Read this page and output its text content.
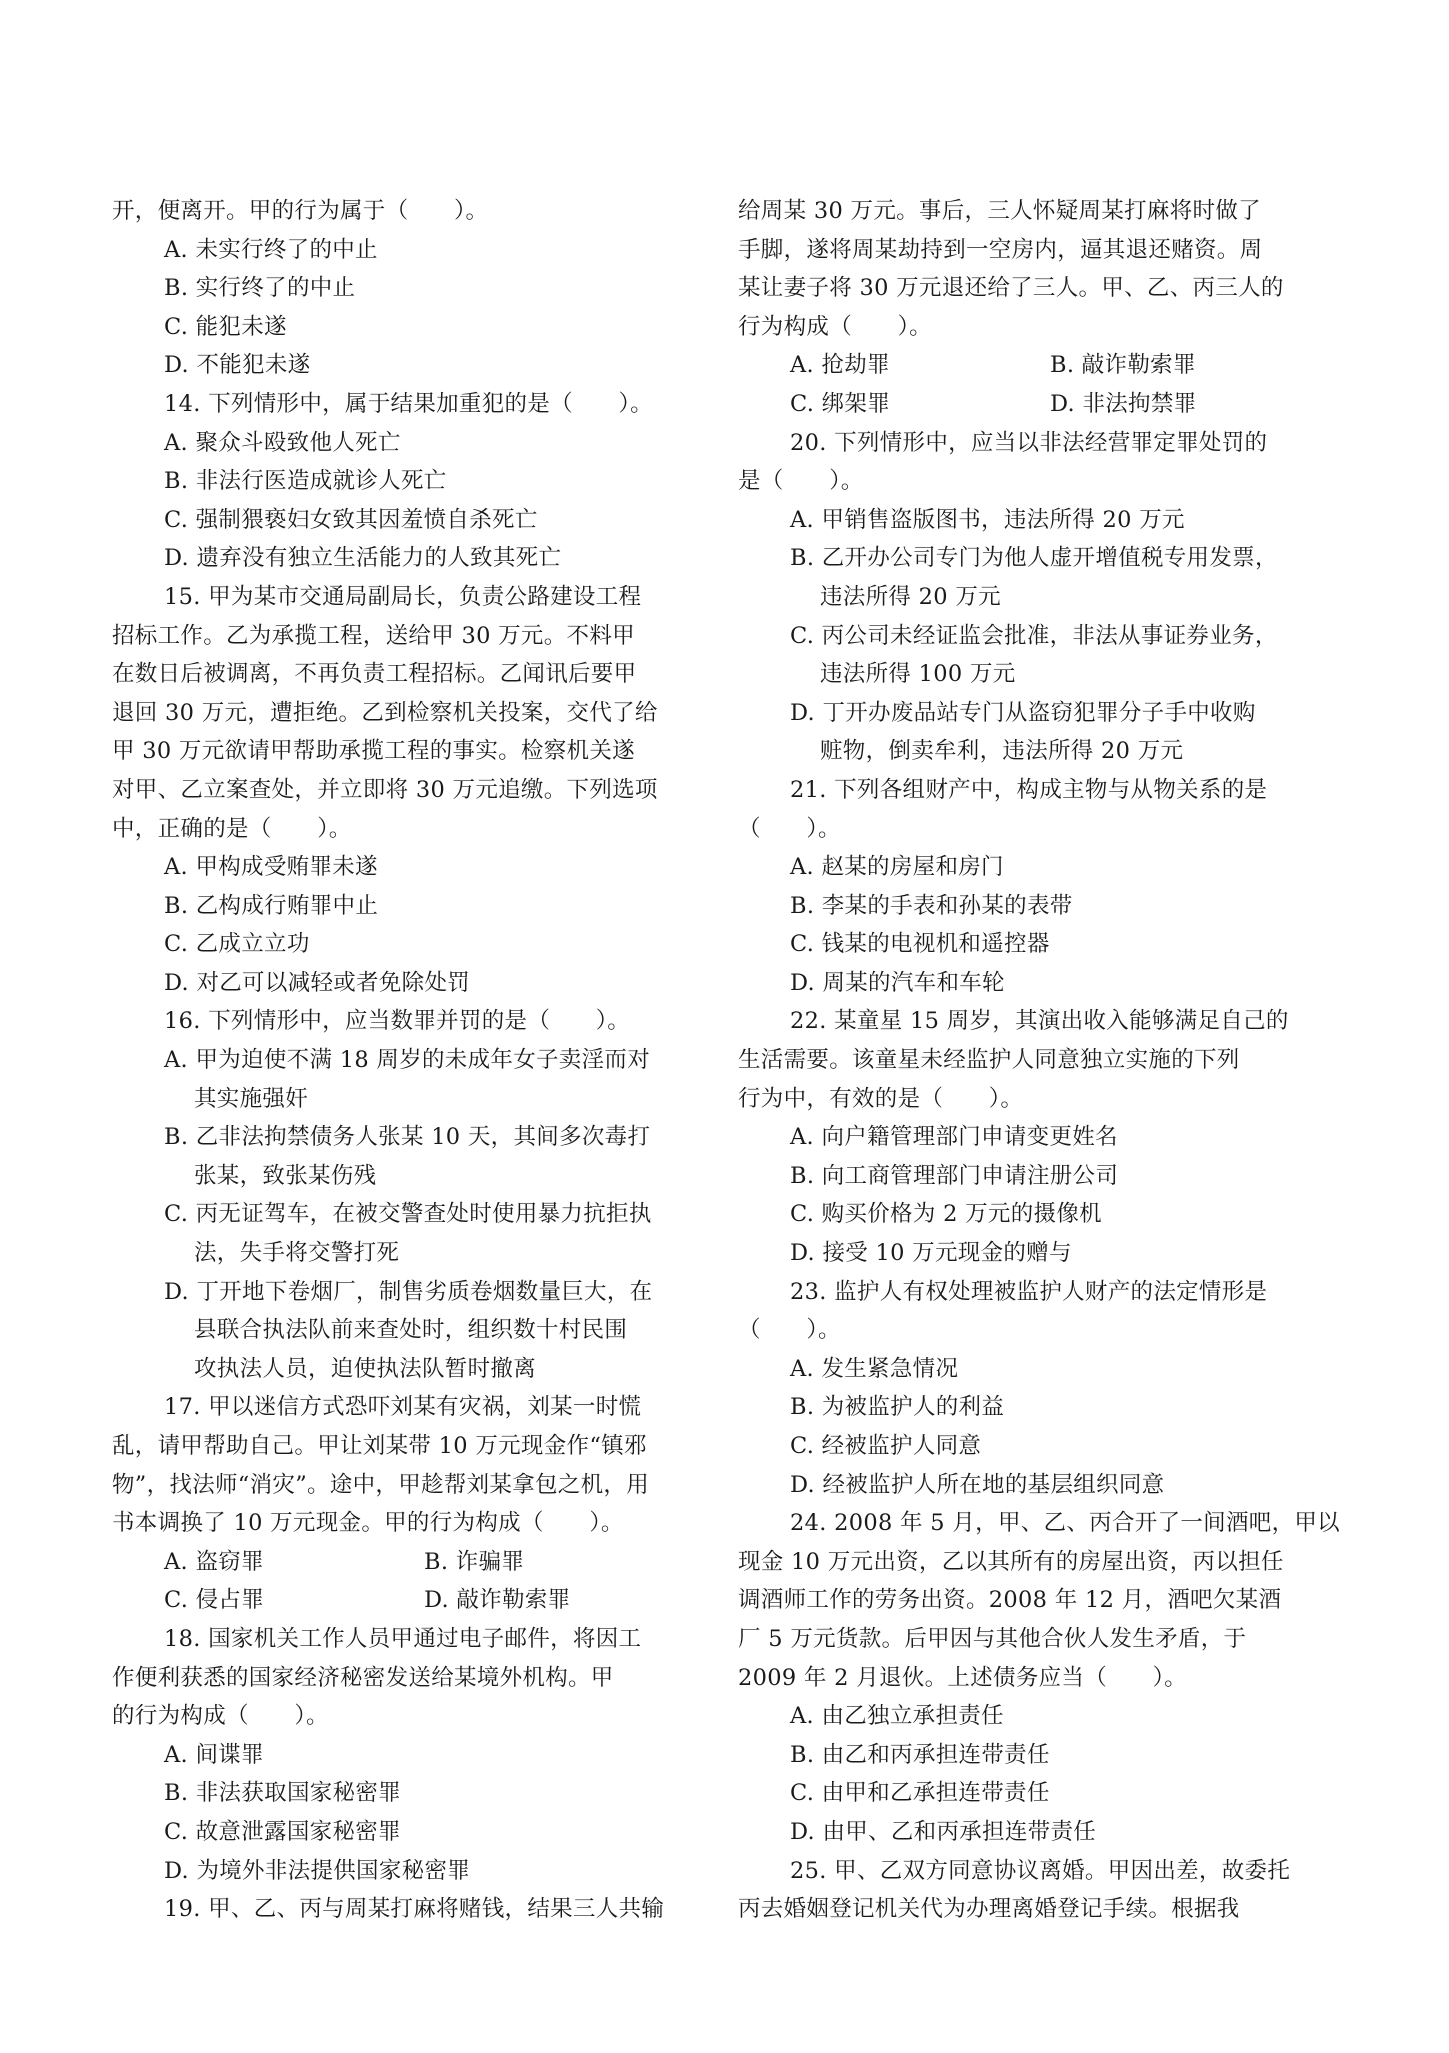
开，便离开。甲的行为属于（　　）。
A. 未实行终了的中止
B. 实行终了的中止
C. 能犯未遂
D. 不能犯未遂
14. 下列情形中，属于结果加重犯的是（　　）。
A. 聚众斗殴致他人死亡
B. 非法行医造成就诊人死亡
C. 强制猥亵妇女致其因羞愤自杀死亡
D. 遗弃没有独立生活能力的人致其死亡
15. 甲为某市交通局副局长，负责公路建设工程
招标工作。乙为承揽工程，送给甲 30 万元。不料甲
在数日后被调离，不再负责工程招标。乙闻讯后要甲
退回 30 万元，遭拒绝。乙到检察机关投案，交代了给
甲 30 万元欲请甲帮助承揽工程的事实。检察机关遂
对甲、乙立案查处，并立即将 30 万元追缴。下列选项
中，正确的是（　　）。
A. 甲构成受贿罪未遂
B. 乙构成行贿罪中止
C. 乙成立立功
D. 对乙可以减轻或者免除处罚
16. 下列情形中，应当数罪并罚的是（　　）。
A. 甲为迫使不满 18 周岁的未成年女子卖淫而对
其实施强奸
B. 乙非法拘禁债务人张某 10 天，其间多次毒打
张某，致张某伤残
C. 丙无证驾车，在被交警查处时使用暴力抗拒执
法，失手将交警打死
D. 丁开地下卷烟厂，制售劣质卷烟数量巨大，在
县联合执法队前来查处时，组织数十村民围
攻执法人员，迫使执法队暂时撤离
17. 甲以迷信方式恐吓刘某有灾祸，刘某一时慌
乱，请甲帮助自己。甲让刘某带 10 万元现金作“镇邪
物”，找法师“消灾”。途中，甲趁帮刘某拿包之机，用
书本调换了 10 万元现金。甲的行为构成（　　）。
A. 盗窃罪	B. 诈骗罪
C. 侵占罪	D. 敲诈勒索罪
18. 国家机关工作人员甲通过电子邮件，将因工
作便利获悉的国家经济秘密发送给某境外机构。甲
的行为构成（　　）。
A. 间谍罪
B. 非法获取国家秘密罪
C. 故意泄露国家秘密罪
D. 为境外非法提供国家秘密罪
19. 甲、乙、丙与周某打麻将赌钱，结果三人共输
给周某 30 万元。事后，三人怀疑周某打麻将时做了
手脚，遂将周某劫持到一空房内，逼其退还赌资。周
某让妻子将 30 万元退还给了三人。甲、乙、丙三人的
行为构成（　　）。
A. 抢劫罪	B. 敲诈勒索罪
C. 绑架罪	D. 非法拘禁罪
20. 下列情形中，应当以非法经营罪定罪处罚的
是（　　）。
A. 甲销售盗版图书，违法所得 20 万元
B. 乙开办公司专门为他人虚开增值税专用发票，
违法所得 20 万元
C. 丙公司未经证监会批准，非法从事证券业务，
违法所得 100 万元
D. 丁开办废品站专门从盗窃犯罪分子手中收购
赃物，倒卖牟利，违法所得 20 万元
21. 下列各组财产中，构成主物与从物关系的是
（　　）。
A. 赵某的房屋和房门
B. 李某的手表和孙某的表带
C. 钱某的电视机和遥控器
D. 周某的汽车和车轮
22. 某童星 15 周岁，其演出收入能够满足自己的
生活需要。该童星未经监护人同意独立实施的下列
行为中，有效的是（　　）。
A. 向户籍管理部门申请变更姓名
B. 向工商管理部门申请注册公司
C. 购买价格为 2 万元的摄像机
D. 接受 10 万元现金的赠与
23. 监护人有权处理被监护人财产的法定情形是
（　　）。
A. 发生紧急情况
B. 为被监护人的利益
C. 经被监护人同意
D. 经被监护人所在地的基层组织同意
24. 2008 年 5 月，甲、乙、丙合开了一间酒吧，甲以
现金 10 万元出资，乙以其所有的房屋出资，丙以担任
调酒师工作的劳务出资。2008 年 12 月，酒吧欠某酒
厂 5 万元货款。后甲因与其他合伙人发生矛盾，于
2009 年 2 月退伙。上述债务应当（　　）。
A. 由乙独立承担责任
B. 由乙和丙承担连带责任
C. 由甲和乙承担连带责任
D. 由甲、乙和丙承担连带责任
25. 甲、乙双方同意协议离婚。甲因出差，故委托
丙去婚姻登记机关代为办理离婚登记手续。根据我
